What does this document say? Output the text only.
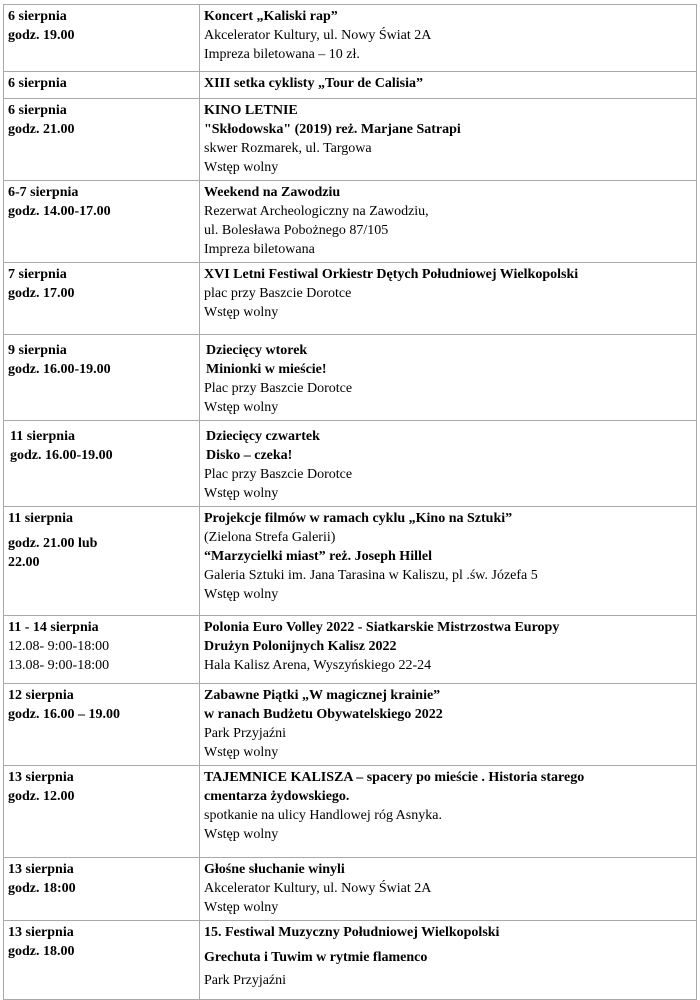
6 sierpnia
godz. 19.00	Koncert „Kaliski rap”
Akcelerator Kultury, ul. Nowy Świat 2A
Impreza biletowana – 10 zł.

6 sierpnia	XIII setka cyklisty „Tour de Calisia”

6 sierpnia
godz. 21.00	KINO LETNIE
"Skłodowska" (2019) reż. Marjane Satrapi
skwer Rozmarek, ul. Targowa
Wstęp wolny

6-7 sierpnia
godz. 14.00-17.00	Weekend na Zawodziu
Rezerwat Archeologiczny na Zawodziu,
ul. Bolesława Pobożnego 87/105
Impreza biletowana

7 sierpnia
godz. 17.00	XVI Letni Festiwal Orkiestr Dętych Południowej Wielkopolski
plac przy Baszcie Dorotce
Wstęp wolny

9 sierpnia
godz. 16.00-19.00	Dziecięcy wtorek
Minionki w mieście!
Plac przy Baszcie Dorotce
Wstęp wolny

11 sierpnia
godz. 16.00-19.00	Dziecięcy czwartek
Disko – czeka!
Plac przy Baszcie Dorotce
Wstęp wolny

11 sierpnia
godz. 21.00 lub
22.00	Projekcje filmów w ramach cyklu „Kino na Sztuki”
(Zielona Strefa Galerii)
“Marzycielki miast” reż. Joseph Hillel
Galeria Sztuki im. Jana Tarasina w Kaliszu, pl .św. Józefa 5
Wstęp wolny

11 - 14 sierpnia
12.08- 9:00-18:00
13.08- 9:00-18:00	Polonia Euro Volley 2022 - Siatkarskie Mistrzostwa Europy
Drużyn Polonijnych Kalisz 2022
Hala Kalisz Arena, Wyszyńskiego 22-24

12 sierpnia
godz. 16.00 – 19.00	Zabawne Piątki „W magicznej krainie”
w ranach Budżetu Obywatelskiego 2022
Park Przyjaźni
Wstęp wolny

13 sierpnia
godz. 12.00	TAJEMNICE KALISZA – spacery po mieście . Historia starego
cmentarza żydowskiego.
spotkanie na ulicy Handlowej róg Asnyka.
Wstęp wolny

13 sierpnia
godz. 18:00	Głośne słuchanie winyli
Akcelerator Kultury, ul. Nowy Świat 2A
Wstęp wolny

13 sierpnia
godz. 18.00	15. Festiwal Muzyczny Południowej Wielkopolski
Grechuta i Tuwim w rytmie flamenco
Park Przyjaźni
